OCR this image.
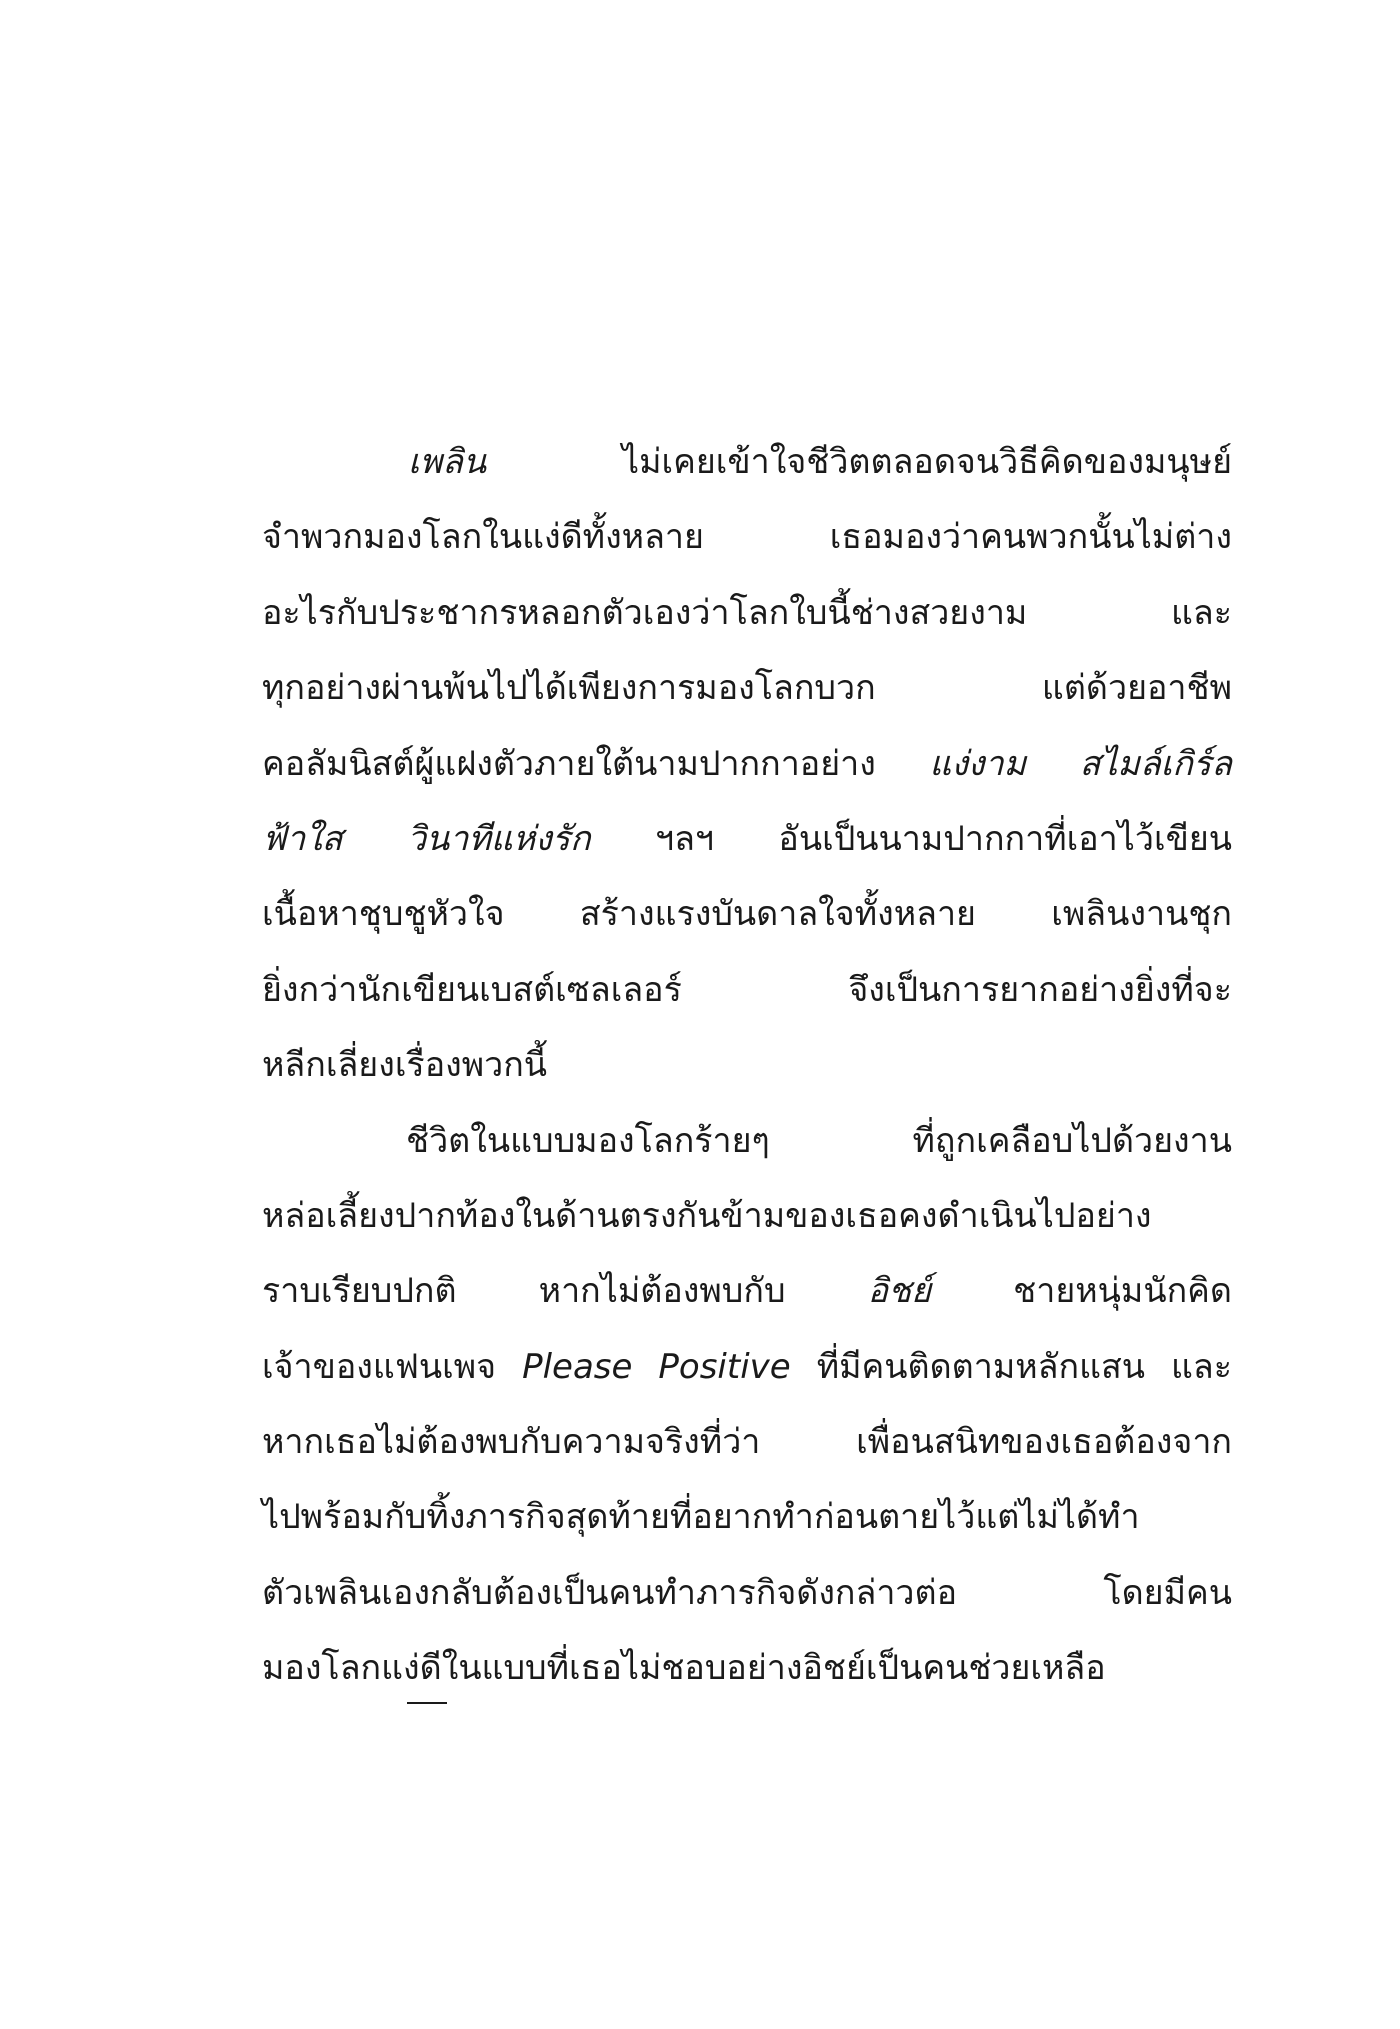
เพลิน ไม่เคยเข้าใจชีวิตตลอดจนวิธีคิดของมนุษย์
จำพวกมองโลกในแง่ดีทั้งหลาย เธอมองว่าคนพวกนั้นไม่ต่าง
อะไรกับประชากรหลอกตัวเองว่าโลกใบนี้ช่างสวยงาม และ
ทุกอย่างผ่านพ้นไปได้เพียงการมองโลกบวก แต่ด้วยอาชีพ
คอลัมนิสต์ผู้แฝงตัวภายใต้นามปากกาอย่าง แง่งาม สไมล์เกิร์ล
ฟ้าใส วินาทีแห่งรัก ฯลฯ อันเป็นนามปากกาที่เอาไว้เขียน
เนื้อหาชุบชูหัวใจ สร้างแรงบันดาลใจทั้งหลาย เพลินงานชุก
ยิ่งกว่านักเขียนเบสต์เซลเลอร์ จึงเป็นการยากอย่างยิ่งที่จะ
หลีกเลี่ยงเรื่องพวกนี้
ชีวิตในแบบมองโลกร้ายๆ ที่ถูกเคลือบไปด้วยงาน
หล่อเลี้ยงปากท้องในด้านตรงกันข้ามของเธอคงดำเนินไปอย่าง
ราบเรียบปกติ หากไม่ต้องพบกับ อิชย์ ชายหนุ่มนักคิด
เจ้าของแฟนเพจ Please Positive ที่มีคนติดตามหลักแสน และ
หากเธอไม่ต้องพบกับความจริงที่ว่า เพื่อนสนิทของเธอต้องจาก
ไปพร้อมกับทิ้งภารกิจสุดท้ายที่อยากทำก่อนตายไว้แต่ไม่ได้ทำ
ตัวเพลินเองกลับต้องเป็นคนทำภารกิจดังกล่าวต่อ โดยมีคน
มองโลกแง่ดีในแบบที่เธอไม่ชอบอย่างอิชย์เป็นคนช่วยเหลือ
